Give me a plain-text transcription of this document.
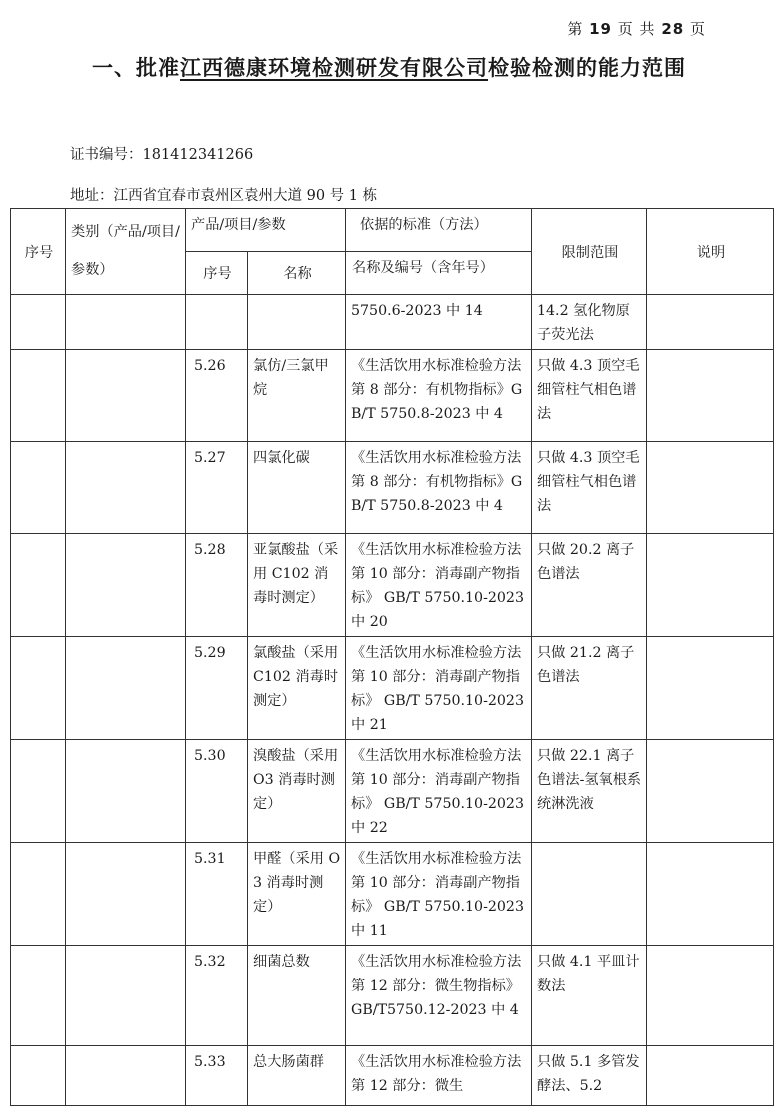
第 19 页 共 28 页
一、批准江西德康环境检测研发有限公司检验检测的能力范围
证书编号：181412341266
地址：江西省宜春市袁州区袁州大道 90 号 1 栋
序号	类别（产品/项目/参数）	产品/项目/参数		依据的标准（方法）	限制范围	说明
		序号	名称	名称及编号（含年号）		
				5750.6-2023 中 14	14.2 氢化物原子荧光法	
		5.26	氯仿/三氯甲烷	《生活饮用水标准检验方法 第 8 部分：有机物指标》GB/T 5750.8-2023 中 4	只做 4.3 顶空毛细管柱气相色谱法	
		5.27	四氯化碳	《生活饮用水标准检验方法 第 8 部分：有机物指标》GB/T 5750.8-2023 中 4	只做 4.3 顶空毛细管柱气相色谱法	
		5.28	亚氯酸盐（采用 C102 消毒时测定）	《生活饮用水标准检验方法 第 10 部分：消毒副产物指标》 GB/T 5750.10-2023 中 20	只做 20.2 离子色谱法	
		5.29	氯酸盐（采用 C102 消毒时测定）	《生活饮用水标准检验方法 第 10 部分：消毒副产物指标》 GB/T 5750.10-2023 中 21	只做 21.2 离子色谱法	
		5.30	溴酸盐（采用 O3 消毒时测定）	《生活饮用水标准检验方法 第 10 部分：消毒副产物指标》 GB/T 5750.10-2023 中 22	只做 22.1 离子色谱法-氢氧根系统淋洗液	
		5.31	甲醛（采用 O3 消毒时测定）	《生活饮用水标准检验方法 第 10 部分：消毒副产物指标》 GB/T 5750.10-2023 中 11		
		5.32	细菌总数	《生活饮用水标准检验方法 第 12 部分：微生物指标》 GB/T5750.12-2023 中 4	只做 4.1 平皿计数法	
		5.33	总大肠菌群	《生活饮用水标准检验方法 第 12 部分：微生	只做 5.1 多管发酵法、5.2	
